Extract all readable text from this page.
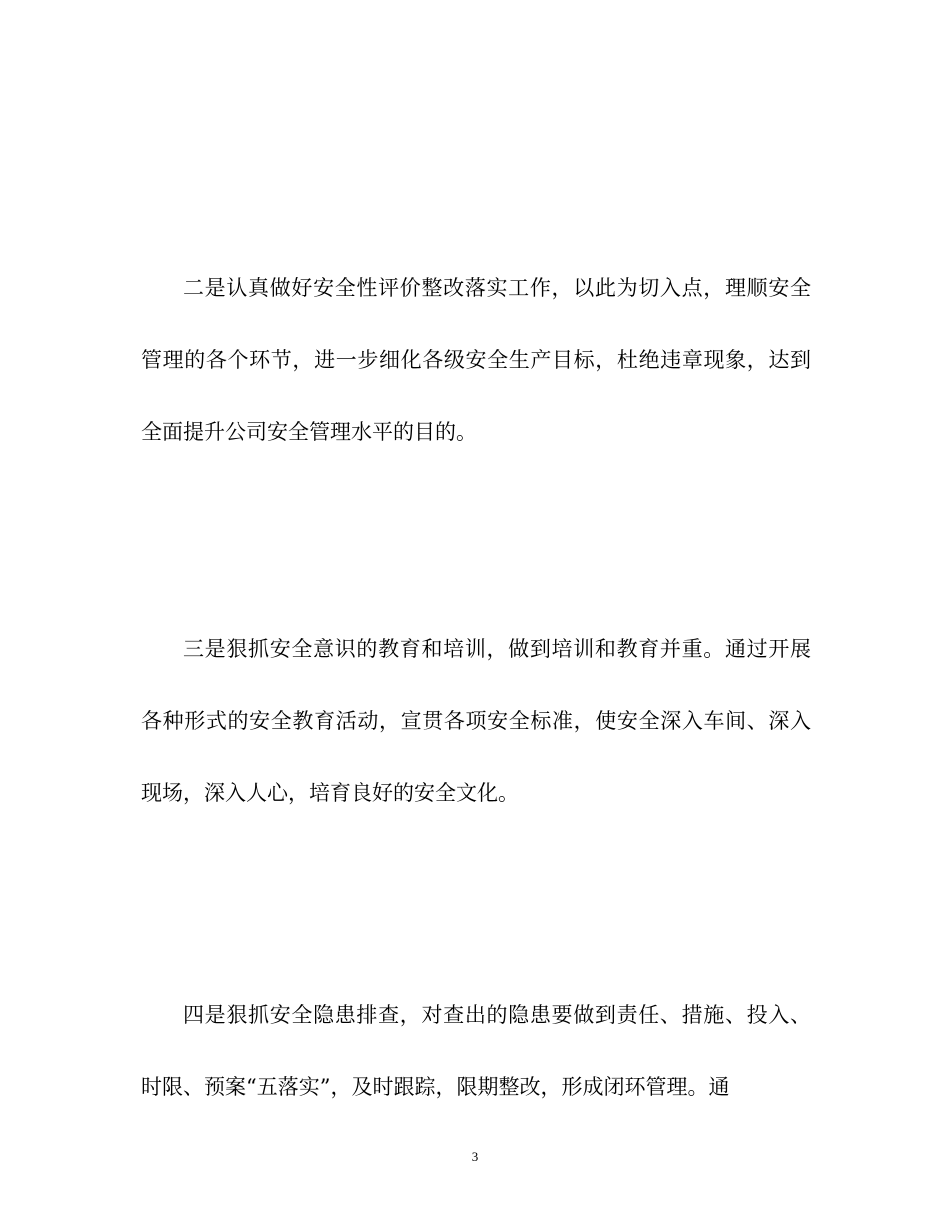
二是认真做好安全性评价整改落实工作，以此为切入点，理顺安全管理的各个环节，进一步细化各级安全生产目标，杜绝违章现象，达到全面提升公司安全管理水平的目的。

三是狠抓安全意识的教育和培训，做到培训和教育并重。通过开展各种形式的安全教育活动，宣贯各项安全标准，使安全深入车间、深入现场，深入人心，培育良好的安全文化。

四是狠抓安全隐患排查，对查出的隐患要做到责任、措施、投入、时限、预案“五落实”，及时跟踪，限期整改，形成闭环管理。通

3
